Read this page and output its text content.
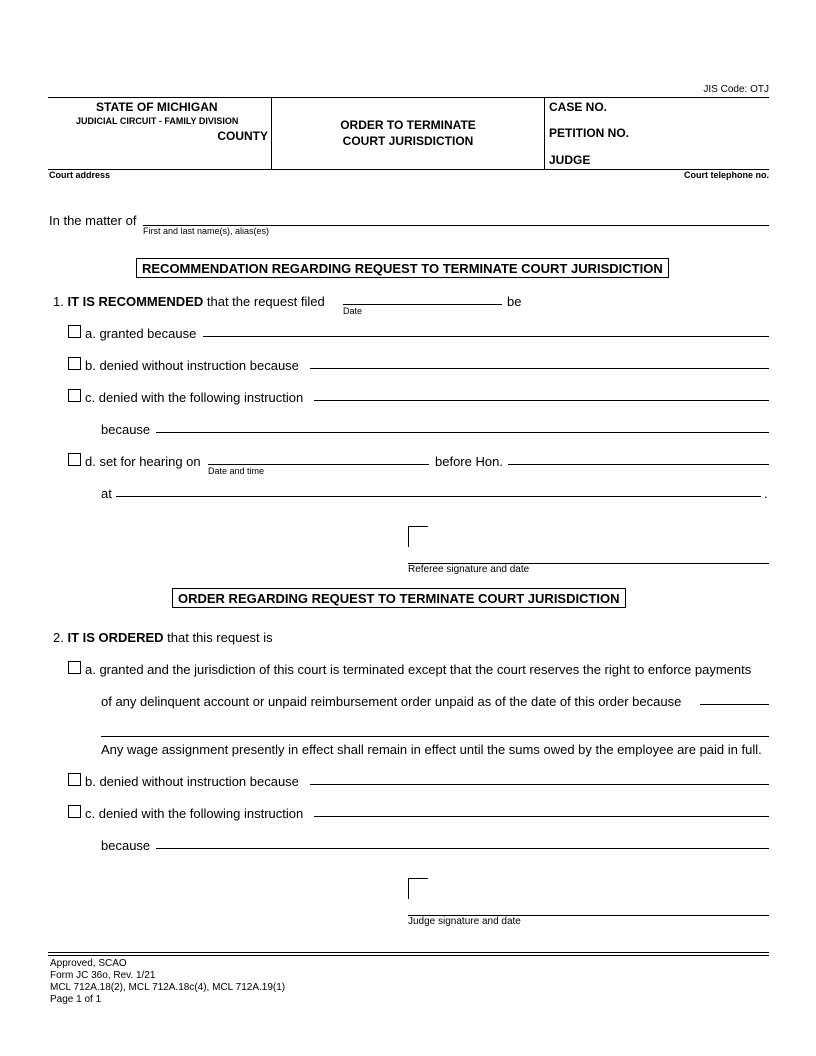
JIS Code: OTJ
STATE OF MICHIGAN
JUDICIAL CIRCUIT - FAMILY DIVISION
COUNTY
ORDER TO TERMINATE
COURT JURISDICTION
CASE NO.
PETITION NO.
JUDGE
Court address	Court telephone no.
In the matter of
First and last name(s), alias(es)
RECOMMENDATION REGARDING REQUEST TO TERMINATE COURT JURISDICTION
1. IT IS RECOMMENDED that the request filed	be
Date
a. granted because
b. denied without instruction because
c. denied with the following instruction
because
d. set for hearing on
Date and time
before Hon.
at	.
Referee signature and date
ORDER REGARDING REQUEST TO TERMINATE COURT JURISDICTION
2. IT IS ORDERED that this request is
a. granted and the jurisdiction of this court is terminated except that the court reserves the right to enforce payments
of any delinquent account or unpaid reimbursement order unpaid as of the date of this order because
Any wage assignment presently in effect shall remain in effect until the sums owed by the employee are paid in full.
b. denied without instruction because
c. denied with the following instruction
because
Judge signature and date
Approved, SCAO
Form JC 36o, Rev. 1/21
MCL 712A.18(2), MCL 712A.18c(4), MCL 712A.19(1)
Page 1 of 1
